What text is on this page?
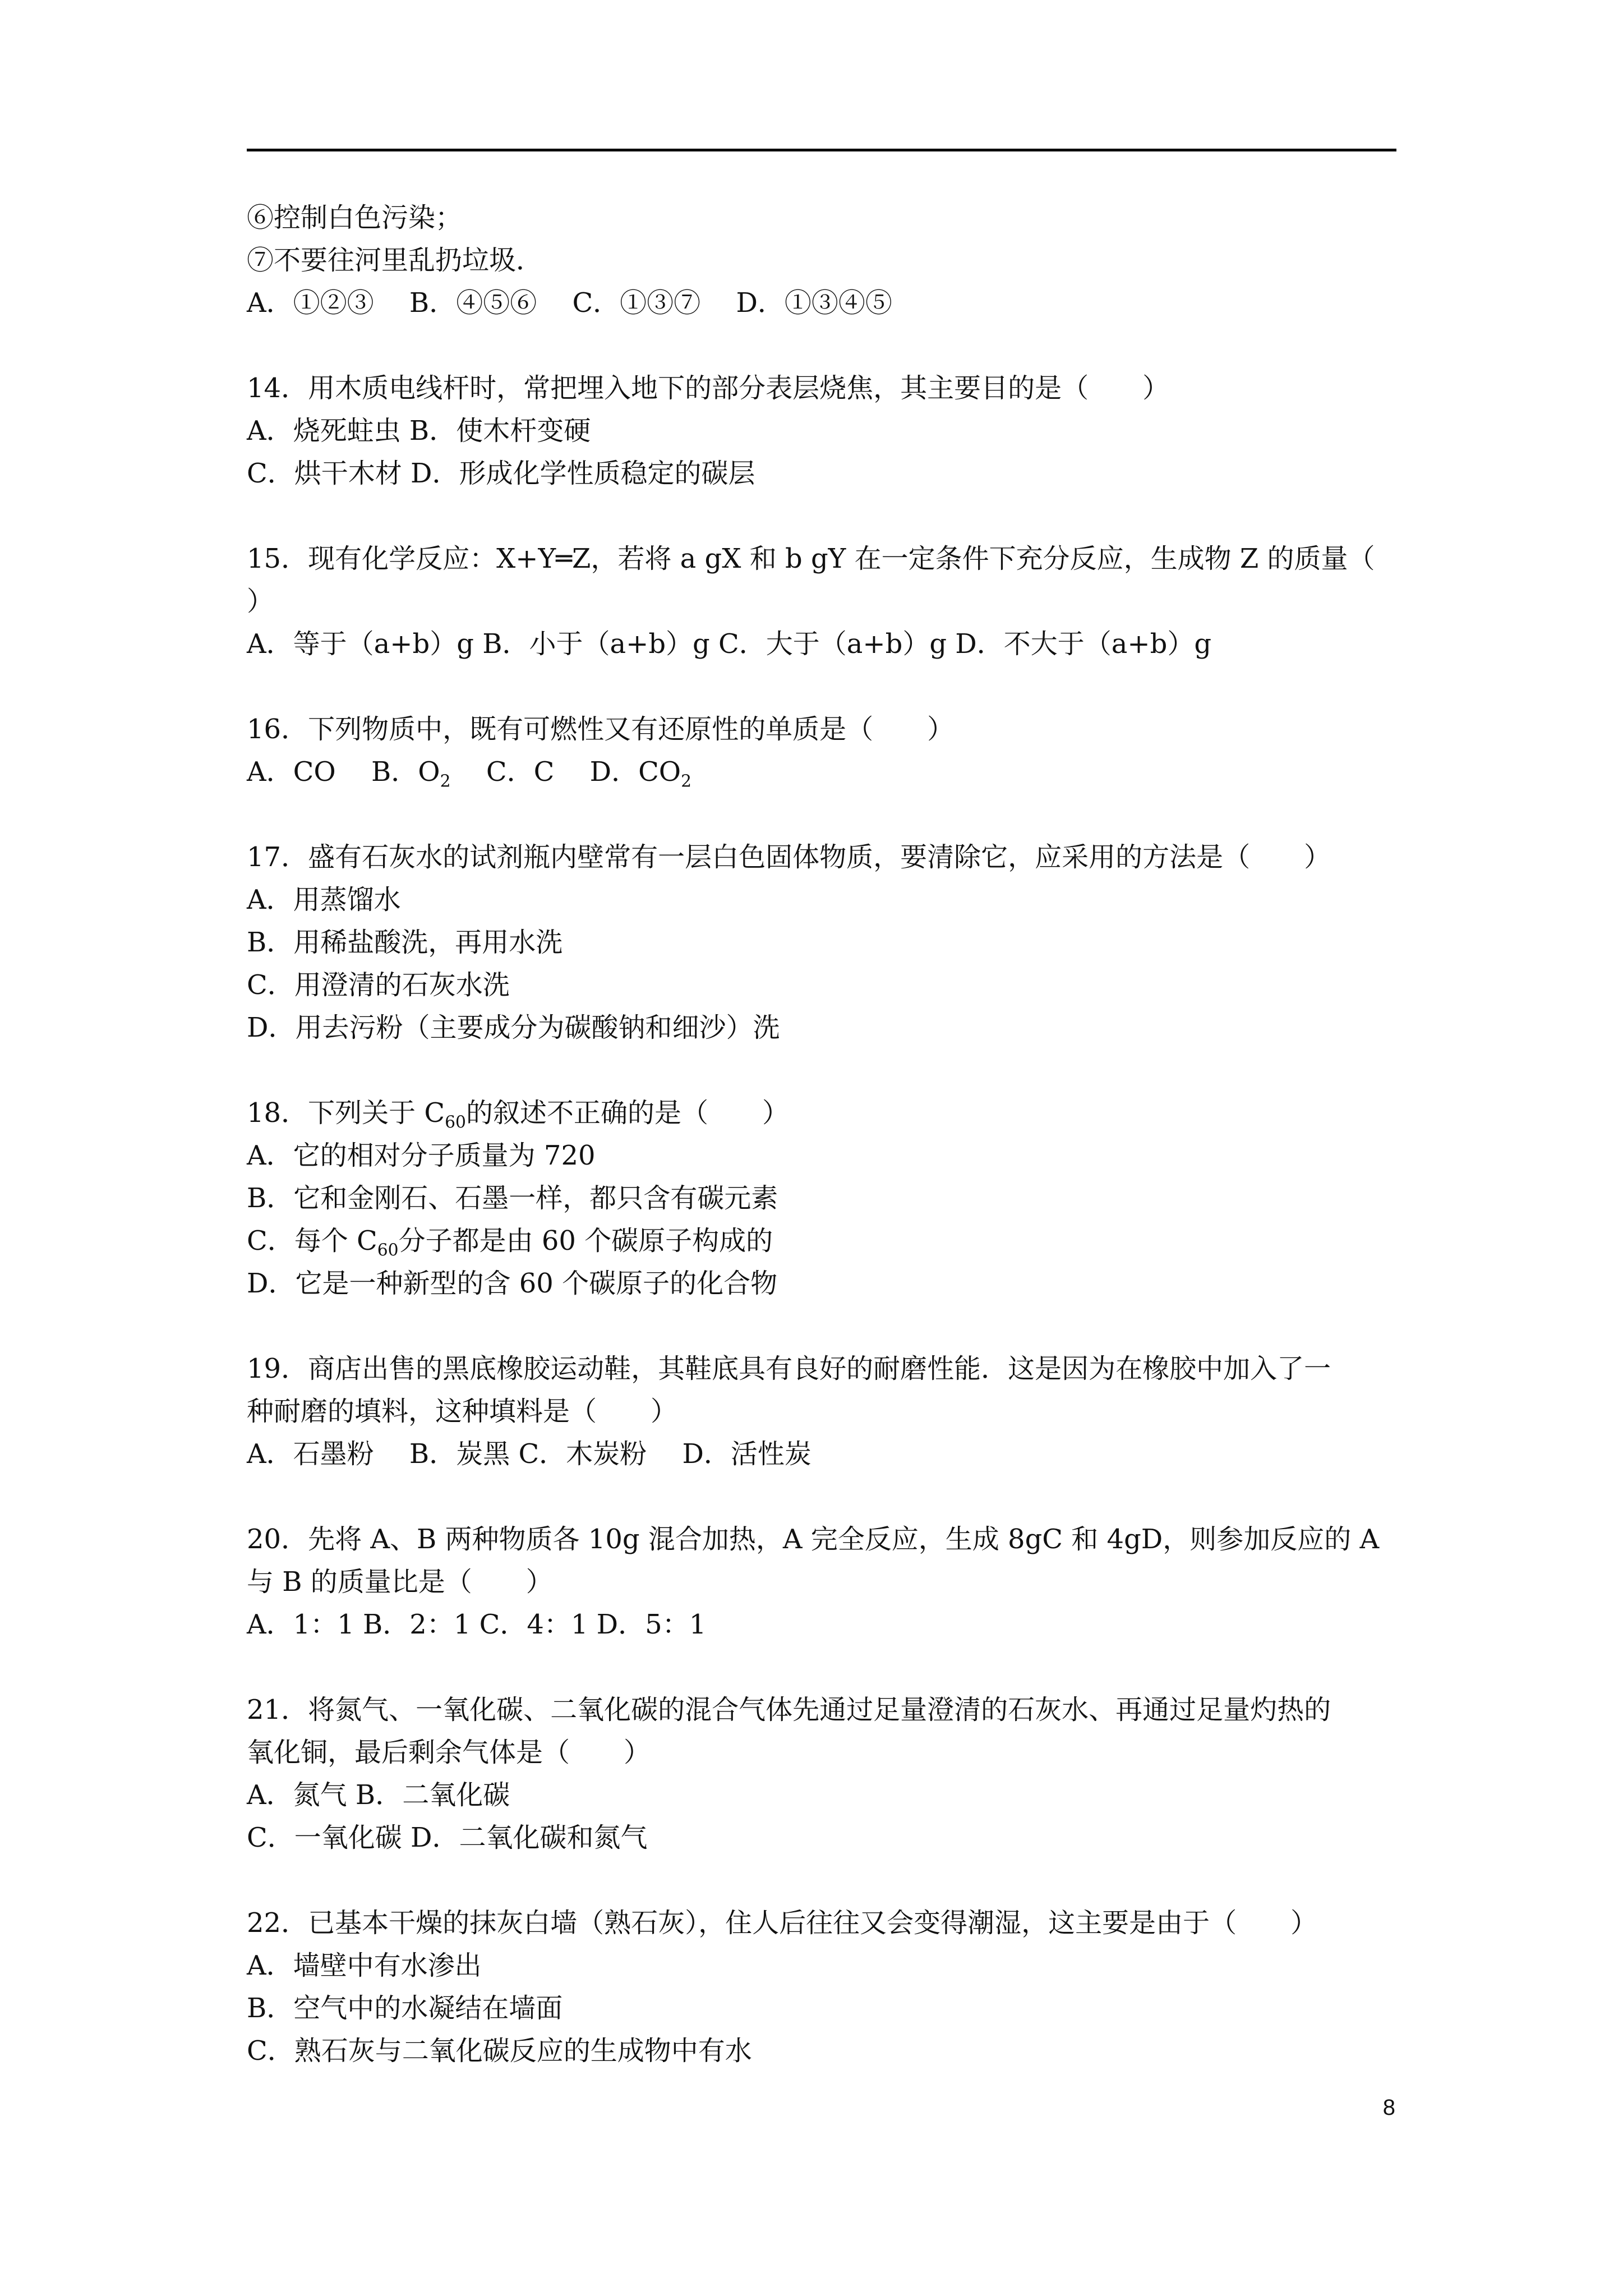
⑥控制白色污染；
⑦不要往河里乱扔垃圾．
A．①②③　 B．④⑤⑥　 C．①③⑦　 D．①③④⑤
14．用木质电线杆时，常把埋入地下的部分表层烧焦，其主要目的是（　　）
A．烧死蛀虫 B．使木杆变硬
C．烘干木材 D．形成化学性质稳定的碳层
15．现有化学反应：X+Y═Z，若将 a gX 和 b gY 在一定条件下充分反应，生成物 Z 的质量（
）
A．等于（a+b）g B．小于（a+b）g C．大于（a+b）g D．不大于（a+b）g
16．下列物质中，既有可燃性又有还原性的单质是（　　）
A．CO　 B．$O_2$　 C．C　 D．$CO_2$
17．盛有石灰水的试剂瓶内壁常有一层白色固体物质，要清除它，应采用的方法是（　　）
A．用蒸馏水
B．用稀盐酸洗，再用水洗
C．用澄清的石灰水洗
D．用去污粉（主要成分为碳酸钠和细沙）洗
18．下列关于 $C_{60}$的叙述不正确的是（　　）
A．它的相对分子质量为 720
B．它和金刚石、石墨一样，都只含有碳元素
C．每个 $C_{60}$分子都是由 60 个碳原子构成的
D．它是一种新型的含 60 个碳原子的化合物
19．商店出售的黑底橡胶运动鞋，其鞋底具有良好的耐磨性能．这是因为在橡胶中加入了一
种耐磨的填料，这种填料是（　　）
A．石墨粉　 B．炭黑 C．木炭粉　 D．活性炭
20．先将 A、B 两种物质各 10g 混合加热，A 完全反应，生成 8gC 和 4gD，则参加反应的 A
与 B 的质量比是（　　）
A．1：1 B．2：1 C．4：1 D．5：1
21．将氮气、一氧化碳、二氧化碳的混合气体先通过足量澄清的石灰水、再通过足量灼热的
氧化铜，最后剩余气体是（　　）
A．氮气 B．二氧化碳
C．一氧化碳 D．二氧化碳和氮气
22．已基本干燥的抹灰白墙（熟石灰），住人后往往又会变得潮湿，这主要是由于（　　）
A．墙壁中有水渗出
B．空气中的水凝结在墙面
C．熟石灰与二氧化碳反应的生成物中有水
8
